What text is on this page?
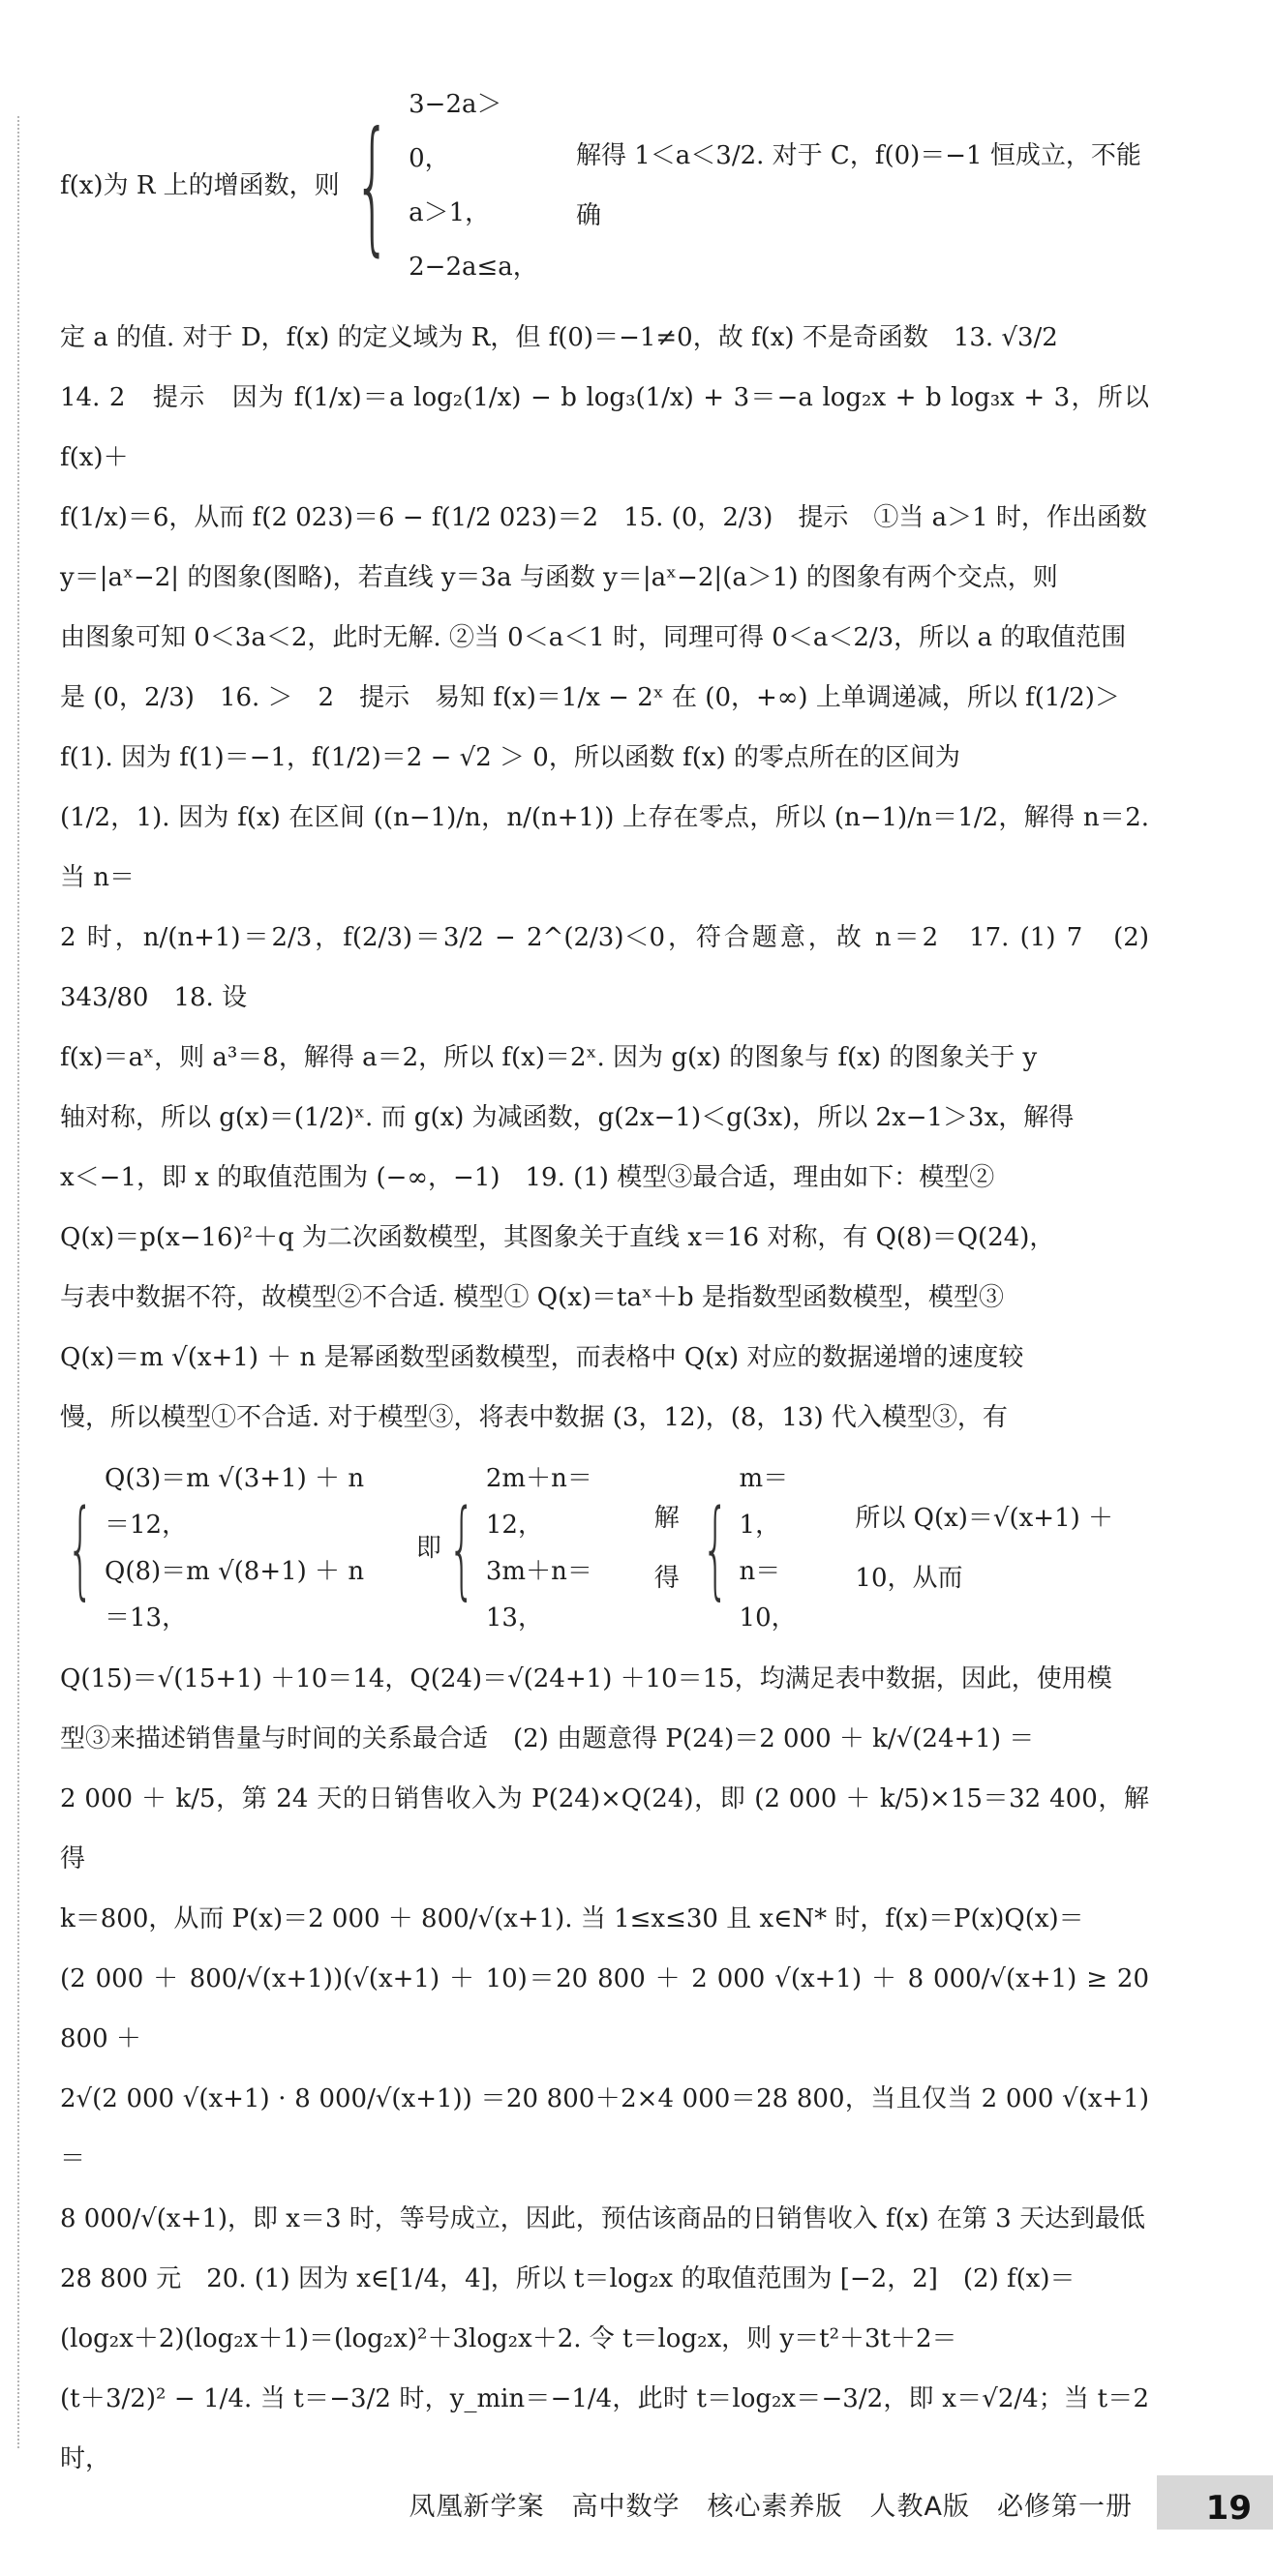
f(x)为 R 上的增函数，则 { 3−2a＞0，
a＞1，
2−2a≤a，
解得 1＜a＜3/2. 对于 C，f(0)＝−1 恒成立，不能确

定 a 的值. 对于 D，f(x) 的定义域为 R，但 f(0)＝−1≠0，故 f(x) 不是奇函数　13. √3/2

14. 2　提示　因为 f(1/x)＝a log₂(1/x) − b log₃(1/x) + 3＝−a log₂x + b log₃x + 3，所以 f(x)＋

f(1/x)＝6，从而 f(2 023)＝6 − f(1/2 023)＝2　15. (0，2/3)　提示　①当 a＞1 时，作出函数

y＝|aˣ−2| 的图象(图略)，若直线 y＝3a 与函数 y＝|aˣ−2|(a＞1) 的图象有两个交点，则

由图象可知 0＜3a＜2，此时无解. ②当 0＜a＜1 时，同理可得 0＜a＜2/3，所以 a 的取值范围

是 (0，2/3)　16. ＞　2　提示　易知 f(x)＝1/x − 2ˣ 在 (0，+∞) 上单调递减，所以 f(1/2)＞

f(1). 因为 f(1)＝−1，f(1/2)＝2 − √2 ＞ 0，所以函数 f(x) 的零点所在的区间为

(1/2，1). 因为 f(x) 在区间 ((n−1)/n，n/(n+1)) 上存在零点，所以 (n−1)/n＝1/2，解得 n＝2. 当 n＝

2 时，n/(n+1)＝2/3，f(2/3)＝3/2 − 2^(2/3)＜0，符合题意，故 n＝2　17. (1) 7　(2) 343/80　18. 设

f(x)＝aˣ，则 a³＝8，解得 a＝2，所以 f(x)＝2ˣ. 因为 g(x) 的图象与 f(x) 的图象关于 y

轴对称，所以 g(x)＝(1/2)ˣ. 而 g(x) 为减函数，g(2x−1)＜g(3x)，所以 2x−1＞3x，解得

x＜−1，即 x 的取值范围为 (−∞，−1)　19. (1) 模型③最合适，理由如下：模型②

Q(x)＝p(x−16)²＋q 为二次函数模型，其图象关于直线 x＝16 对称，有 Q(8)＝Q(24)，

与表中数据不符，故模型②不合适. 模型① Q(x)＝taˣ＋b 是指数型函数模型，模型③

Q(x)＝m √(x+1) ＋ n 是幂函数型函数模型，而表格中 Q(x) 对应的数据递增的速度较

慢，所以模型①不合适. 对于模型③，将表中数据 (3，12)，(8，13) 代入模型③，有

{
Q(3)＝m √(3+1) ＋ n＝12，
Q(8)＝m √(8+1) ＋ n＝13，
即 {
2m＋n＝12，
3m＋n＝13，
解得 {
m＝1，
n＝10，
所以 Q(x)＝√(x+1) ＋10，从而

Q(15)＝√(15+1) ＋10＝14，Q(24)＝√(24+1) ＋10＝15，均满足表中数据，因此，使用模

型③来描述销售量与时间的关系最合适　(2) 由题意得 P(24)＝2 000 ＋ k/√(24+1) ＝

2 000 ＋ k/5，第 24 天的日销售收入为 P(24)×Q(24)，即 (2 000 ＋ k/5)×15＝32 400，解得

k＝800，从而 P(x)＝2 000 ＋ 800/√(x+1). 当 1≤x≤30 且 x∈N* 时，f(x)＝P(x)Q(x)＝

(2 000 ＋ 800/√(x+1))(√(x+1) ＋ 10)＝20 800 ＋ 2 000 √(x+1) ＋ 8 000/√(x+1) ≥ 20 800 ＋

2√(2 000 √(x+1) · 8 000/√(x+1)) ＝20 800＋2×4 000＝28 800，当且仅当 2 000 √(x+1) ＝

8 000/√(x+1)，即 x＝3 时，等号成立，因此，预估该商品的日销售收入 f(x) 在第 3 天达到最低

28 800 元　20. (1) 因为 x∈[1/4，4]，所以 t＝log₂x 的取值范围为 [−2，2]　(2) f(x)＝

(log₂x＋2)(log₂x＋1)＝(log₂x)²＋3log₂x＋2. 令 t＝log₂x，则 y＝t²＋3t＋2＝

(t＋3/2)² − 1/4. 当 t＝−3/2 时，y_min＝−1/4，此时 t＝log₂x＝−3/2，即 x＝√2/4；当 t＝2 时，

凤凰新学案　高中数学　核心素养版　人教A版　必修第一册 19
